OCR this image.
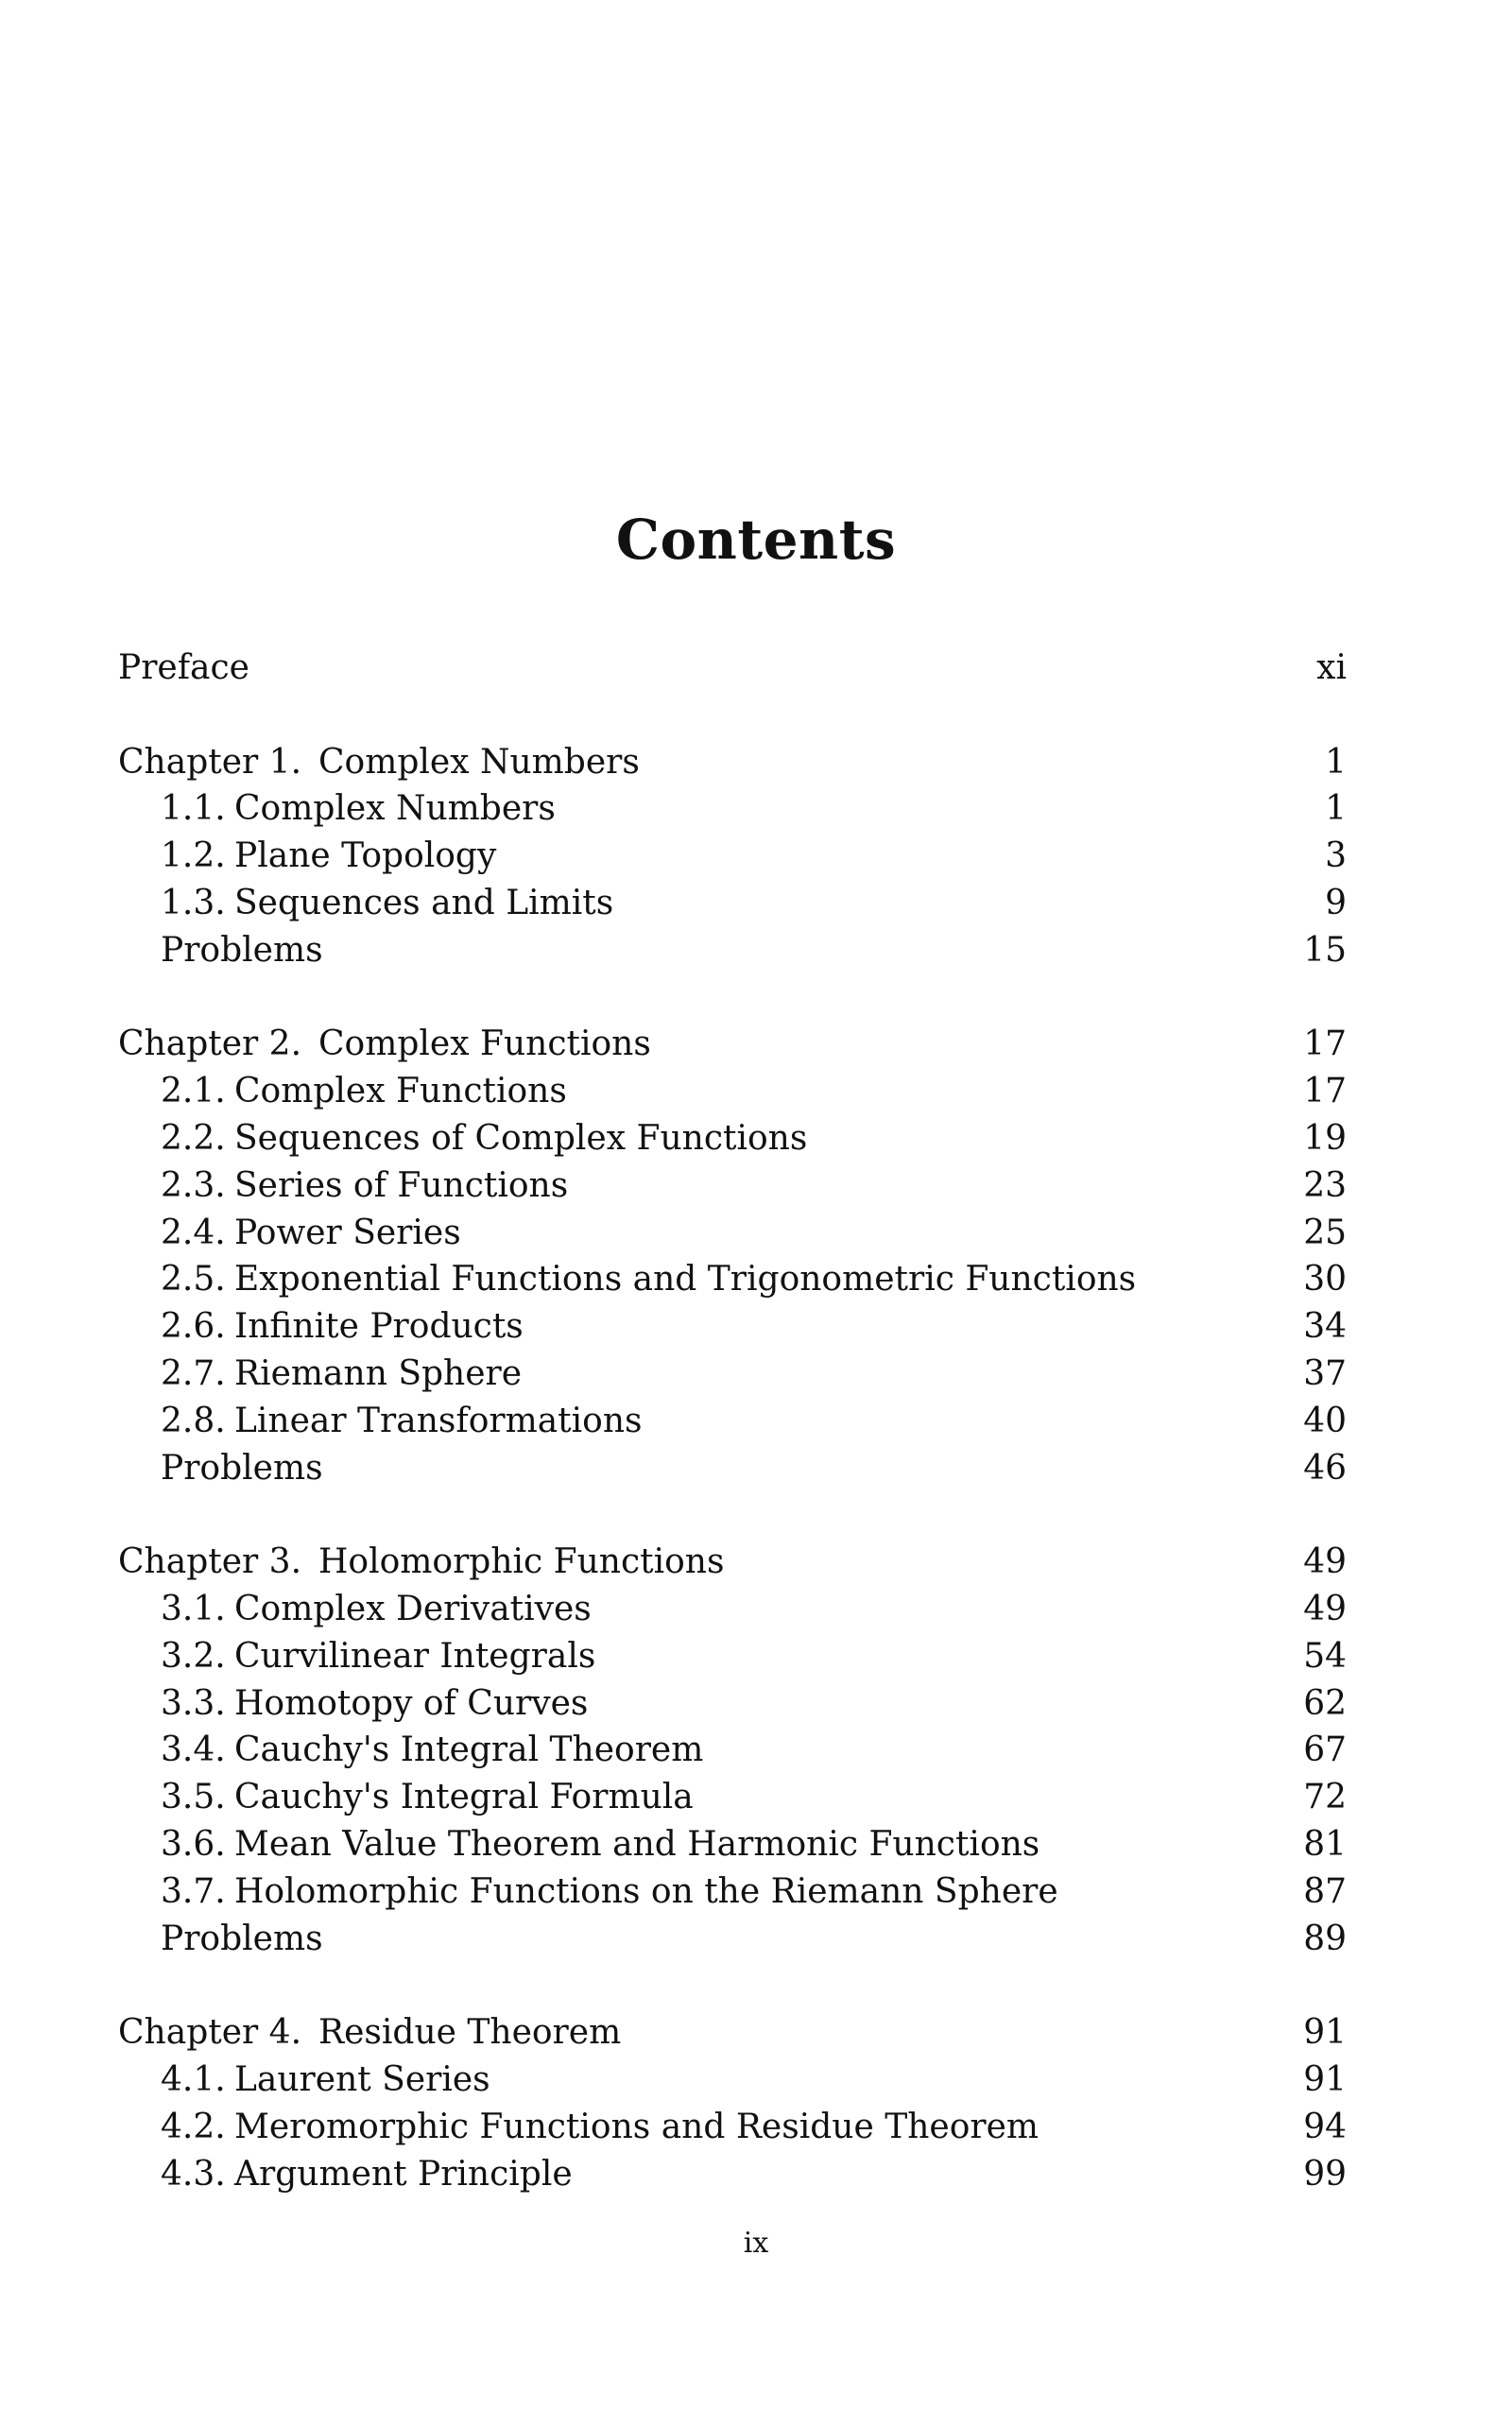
Contents
Preface	xi
Chapter 1. Complex Numbers	1
1.1. Complex Numbers	1
1.2. Plane Topology	3
1.3. Sequences and Limits	9
Problems	15
Chapter 2. Complex Functions	17
2.1. Complex Functions	17
2.2. Sequences of Complex Functions	19
2.3. Series of Functions	23
2.4. Power Series	25
2.5. Exponential Functions and Trigonometric Functions	30
2.6. Infinite Products	34
2.7. Riemann Sphere	37
2.8. Linear Transformations	40
Problems	46
Chapter 3. Holomorphic Functions	49
3.1. Complex Derivatives	49
3.2. Curvilinear Integrals	54
3.3. Homotopy of Curves	62
3.4. Cauchy's Integral Theorem	67
3.5. Cauchy's Integral Formula	72
3.6. Mean Value Theorem and Harmonic Functions	81
3.7. Holomorphic Functions on the Riemann Sphere	87
Problems	89
Chapter 4. Residue Theorem	91
4.1. Laurent Series	91
4.2. Meromorphic Functions and Residue Theorem	94
4.3. Argument Principle	99
ix
